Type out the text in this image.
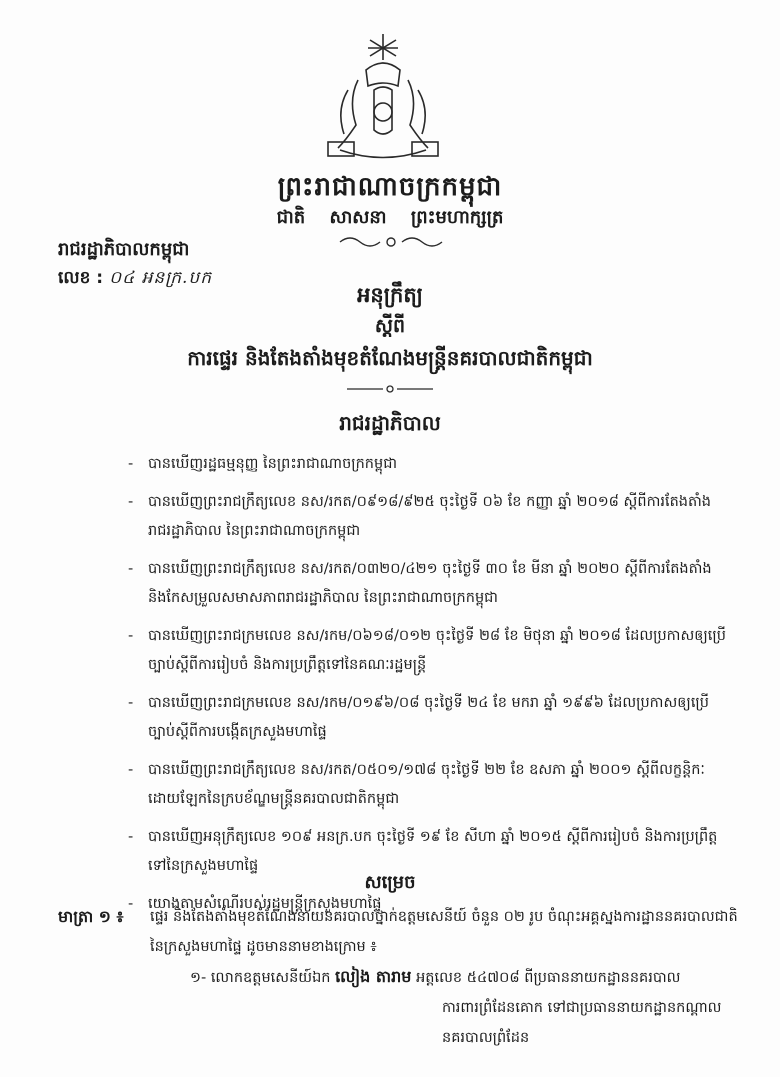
ព្រះរាជាណាចក្រកម្ពុជា
ជាតិ សាសនា ព្រះមហាក្សត្រ
រាជរដ្ឋាភិបាលកម្ពុជា
លេខ : ០៤ អនក្រ.បក
អនុក្រឹត្យ
ស្តីពី
ការផ្ទេរ និងតែងតាំងមុខតំណែងមន្ត្រីនគរបាលជាតិកម្ពុជា
រាជរដ្ឋាភិបាល
- បានឃើញរដ្ឋធម្មនុញ្ញ នៃព្រះរាជាណាចក្រកម្ពុជា
- បានឃើញព្រះរាជក្រឹត្យលេខ នស/រកត/០៩១៨/៩២៥ ចុះថ្ងៃទី ០៦ ខែ កញ្ញា ឆ្នាំ ២០១៨ ស្តីពីការតែងតាំងរាជរដ្ឋាភិបាល នៃព្រះរាជាណាចក្រកម្ពុជា
- បានឃើញព្រះរាជក្រឹត្យលេខ នស/រកត/០៣២០/៤២១ ចុះថ្ងៃទី ៣០ ខែ មីនា ឆ្នាំ ២០២០ ស្តីពីការតែងតាំង និងកែសម្រួលសមាសភាពរាជរដ្ឋាភិបាល នៃព្រះរាជាណាចក្រកម្ពុជា
- បានឃើញព្រះរាជក្រមលេខ នស/រកម/០៦១៨/០១២ ចុះថ្ងៃទី ២៨ ខែ មិថុនា ឆ្នាំ ២០១៨ ដែលប្រកាសឲ្យប្រើច្បាប់ស្តីពីការរៀបចំ និងការប្រព្រឹត្តទៅនៃគណៈរដ្ឋមន្ត្រី
- បានឃើញព្រះរាជក្រមលេខ នស/រកម/០១៩៦/០៨ ចុះថ្ងៃទី ២៤ ខែ មករា ឆ្នាំ ១៩៩៦ ដែលប្រកាសឲ្យប្រើច្បាប់ស្តីពីការបង្កើតក្រសួងមហាផ្ទៃ
- បានឃើញព្រះរាជក្រឹត្យលេខ នស/រកត/០៥០១/១៧៨ ចុះថ្ងៃទី ២២ ខែ ឧសភា ឆ្នាំ ២០០១ ស្តីពីលក្ខន្តិកៈដោយឡែកនៃក្របខ័ណ្ឌមន្ត្រីនគរបាលជាតិកម្ពុជា
- បានឃើញអនុក្រឹត្យលេខ ១០៩ អនក្រ.បក ចុះថ្ងៃទី ១៩ ខែ សីហា ឆ្នាំ ២០១៥ ស្តីពីការរៀបចំ និងការប្រព្រឹត្តទៅនៃក្រសួងមហាផ្ទៃ
- យោងតាមសំណើរបស់រដ្ឋមន្ត្រីក្រសួងមហាផ្ទៃ
សម្រេច
មាត្រា ១ ៖ ផ្ទេរ និងតែងតាំងមុខតំណែងនាយនគរបាលថ្នាក់ឧត្តមសេនីយ៍ ចំនួន ០២ រូប ចំណុះអគ្គស្នងការដ្ឋាននគរបាលជាតិ នៃក្រសួងមហាផ្ទៃ ដូចមាននាមខាងក្រោម ៖
១- លោកឧត្តមសេនីយ៍ឯក លៀង តារាម អត្តលេខ ៥៤៧០៨ ពីប្រធាននាយកដ្ឋាននគរបាល
ការពារព្រំដែនគោក ទៅជាប្រធាននាយកដ្ឋានកណ្តាល
នគរបាលព្រំដែន
